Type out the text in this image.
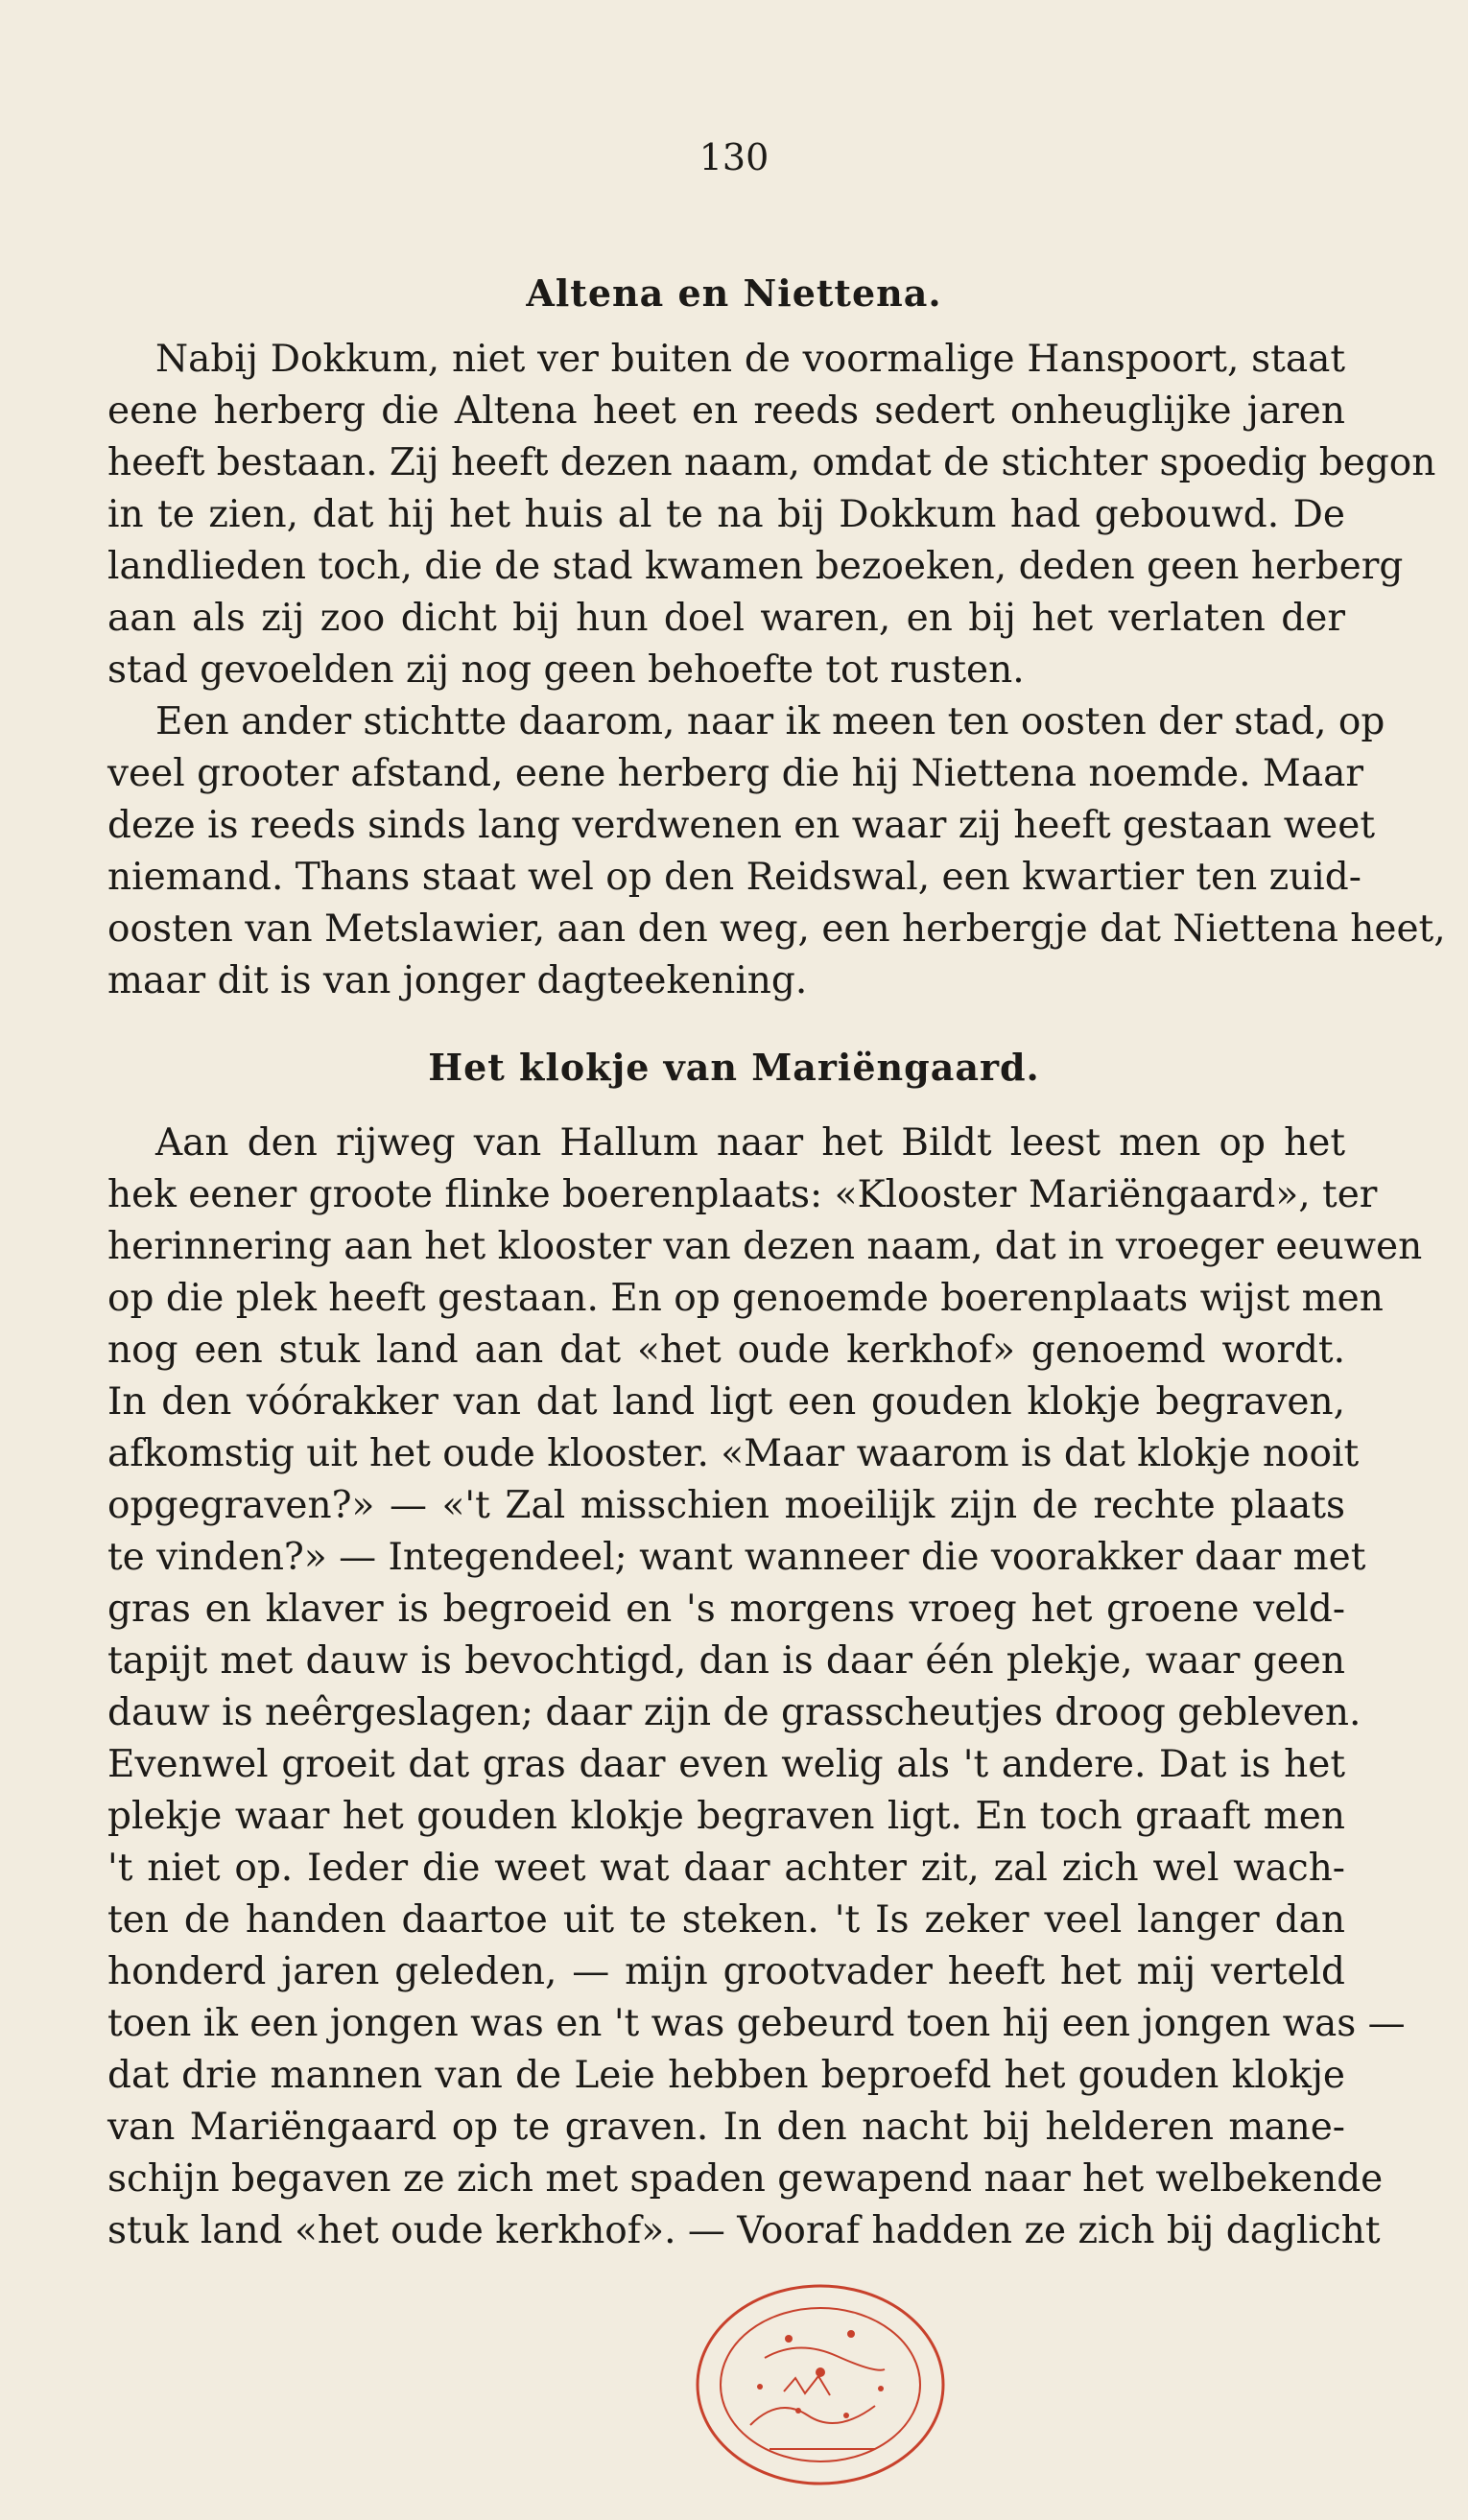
130
Altena en Niettena.
Nabij Dokkum, niet ver buiten de voormalige Hanspoort, staat
eene herberg die Altena heet en reeds sedert onheuglijke jaren
heeft bestaan. Zij heeft dezen naam, omdat de stichter spoedig begon
in te zien, dat hij het huis al te na bij Dokkum had gebouwd. De
landlieden toch, die de stad kwamen bezoeken, deden geen herberg
aan als zij zoo dicht bij hun doel waren, en bij het verlaten der
stad gevoelden zij nog geen behoefte tot rusten.
Een ander stichtte daarom, naar ik meen ten oosten der stad, op
veel grooter afstand, eene herberg die hij Niettena noemde. Maar
deze is reeds sinds lang verdwenen en waar zij heeft gestaan weet
niemand. Thans staat wel op den Reidswal, een kwartier ten zuid-
oosten van Metslawier, aan den weg, een herbergje dat Niettena heet,
maar dit is van jonger dagteekening.
Het klokje van Mariëngaard.
Aan den rijweg van Hallum naar het Bildt leest men op het
hek eener groote flinke boerenplaats: «Klooster Mariëngaard», ter
herinnering aan het klooster van dezen naam, dat in vroeger eeuwen
op die plek heeft gestaan. En op genoemde boerenplaats wijst men
nog een stuk land aan dat «het oude kerkhof» genoemd wordt.
In den vóórakker van dat land ligt een gouden klokje begraven,
afkomstig uit het oude klooster. «Maar waarom is dat klokje nooit
opgegraven?» — «'t Zal misschien moeilijk zijn de rechte plaats
te vinden?» — Integendeel; want wanneer die voorakker daar met
gras en klaver is begroeid en 's morgens vroeg het groene veld-
tapijt met dauw is bevochtigd, dan is daar één plekje, waar geen
dauw is neêrgeslagen; daar zijn de grasscheutjes droog gebleven.
Evenwel groeit dat gras daar even welig als 't andere. Dat is het
plekje waar het gouden klokje begraven ligt. En toch graaft men
't niet op. Ieder die weet wat daar achter zit, zal zich wel wach-
ten de handen daartoe uit te steken. 't Is zeker veel langer dan
honderd jaren geleden, — mijn grootvader heeft het mij verteld
toen ik een jongen was en 't was gebeurd toen hij een jongen was —
dat drie mannen van de Leie hebben beproefd het gouden klokje
van Mariëngaard op te graven. In den nacht bij helderen mane-
schijn begaven ze zich met spaden gewapend naar het welbekende
stuk land «het oude kerkhof». — Vooraf hadden ze zich bij daglicht
